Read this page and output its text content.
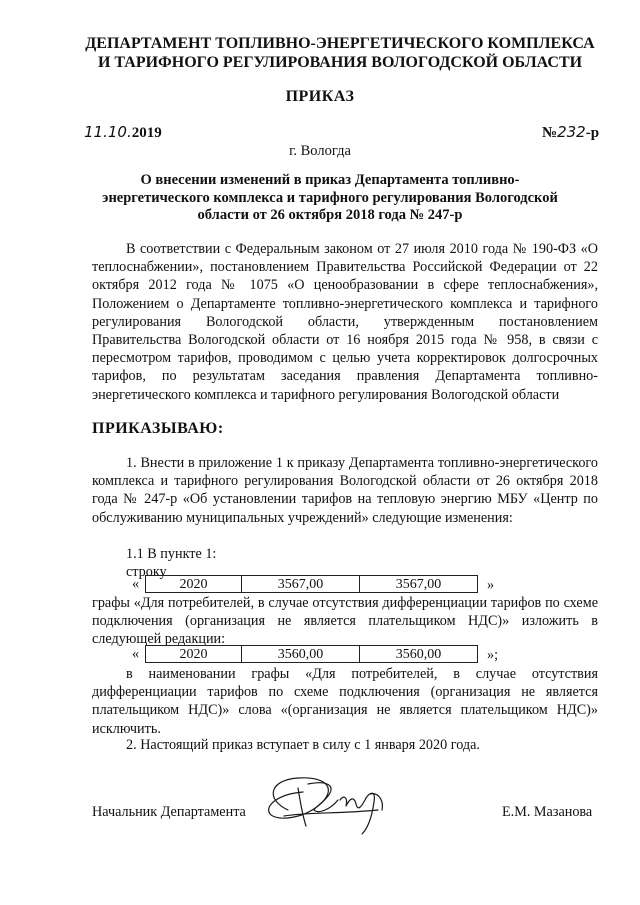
ДЕПАРТАМЕНТ ТОПЛИВНО-ЭНЕРГЕТИЧЕСКОГО КОМПЛЕКСА
И ТАРИФНОГО РЕГУЛИРОВАНИЯ ВОЛОГОДСКОЙ ОБЛАСТИ
ПРИКАЗ
11.10.2019	№232-р
г. Вологда
О внесении изменений в приказ Департамента топливно-энергетического комплекса и тарифного регулирования Вологодской области от 26 октября 2018 года № 247-р
В соответствии с Федеральным законом от 27 июля 2010 года № 190-ФЗ «О теплоснабжении», постановлением Правительства Российской Федерации от 22 октября 2012 года № 1075 «О ценообразовании в сфере теплоснабжения», Положением о Департаменте топливно-энергетического комплекса и тарифного регулирования Вологодской области, утвержденным постановлением Правительства Вологодской области от 16 ноября 2015 года № 958, в связи с пересмотром тарифов, проводимом с целью учета корректировок долгосрочных тарифов, по результатам заседания правления Департамента топливно-энергетического комплекса и тарифного регулирования Вологодской области
ПРИКАЗЫВАЮ:
1. Внести в приложение 1 к приказу Департамента топливно-энергетического комплекса и тарифного регулирования Вологодской области от 26 октября 2018 года № 247-р «Об установлении тарифов на тепловую энергию МБУ «Центр по обслуживанию муниципальных учреждений» следующие изменения:
1.1 В пункте 1:
строку
«	2020	3567,00	3567,00	»
графы «Для потребителей, в случае отсутствия дифференциации тарифов по схеме подключения (организация не является плательщиком НДС)» изложить в следующей редакции:
«	2020	3560,00	3560,00	»;
в наименовании графы «Для потребителей, в случае отсутствия дифференциации тарифов по схеме подключения (организация не является плательщиком НДС)» слова «(организация не является плательщиком НДС)» исключить.
2. Настоящий приказ вступает в силу с 1 января 2020 года.
Начальник Департамента	Е.М. Мазанова
